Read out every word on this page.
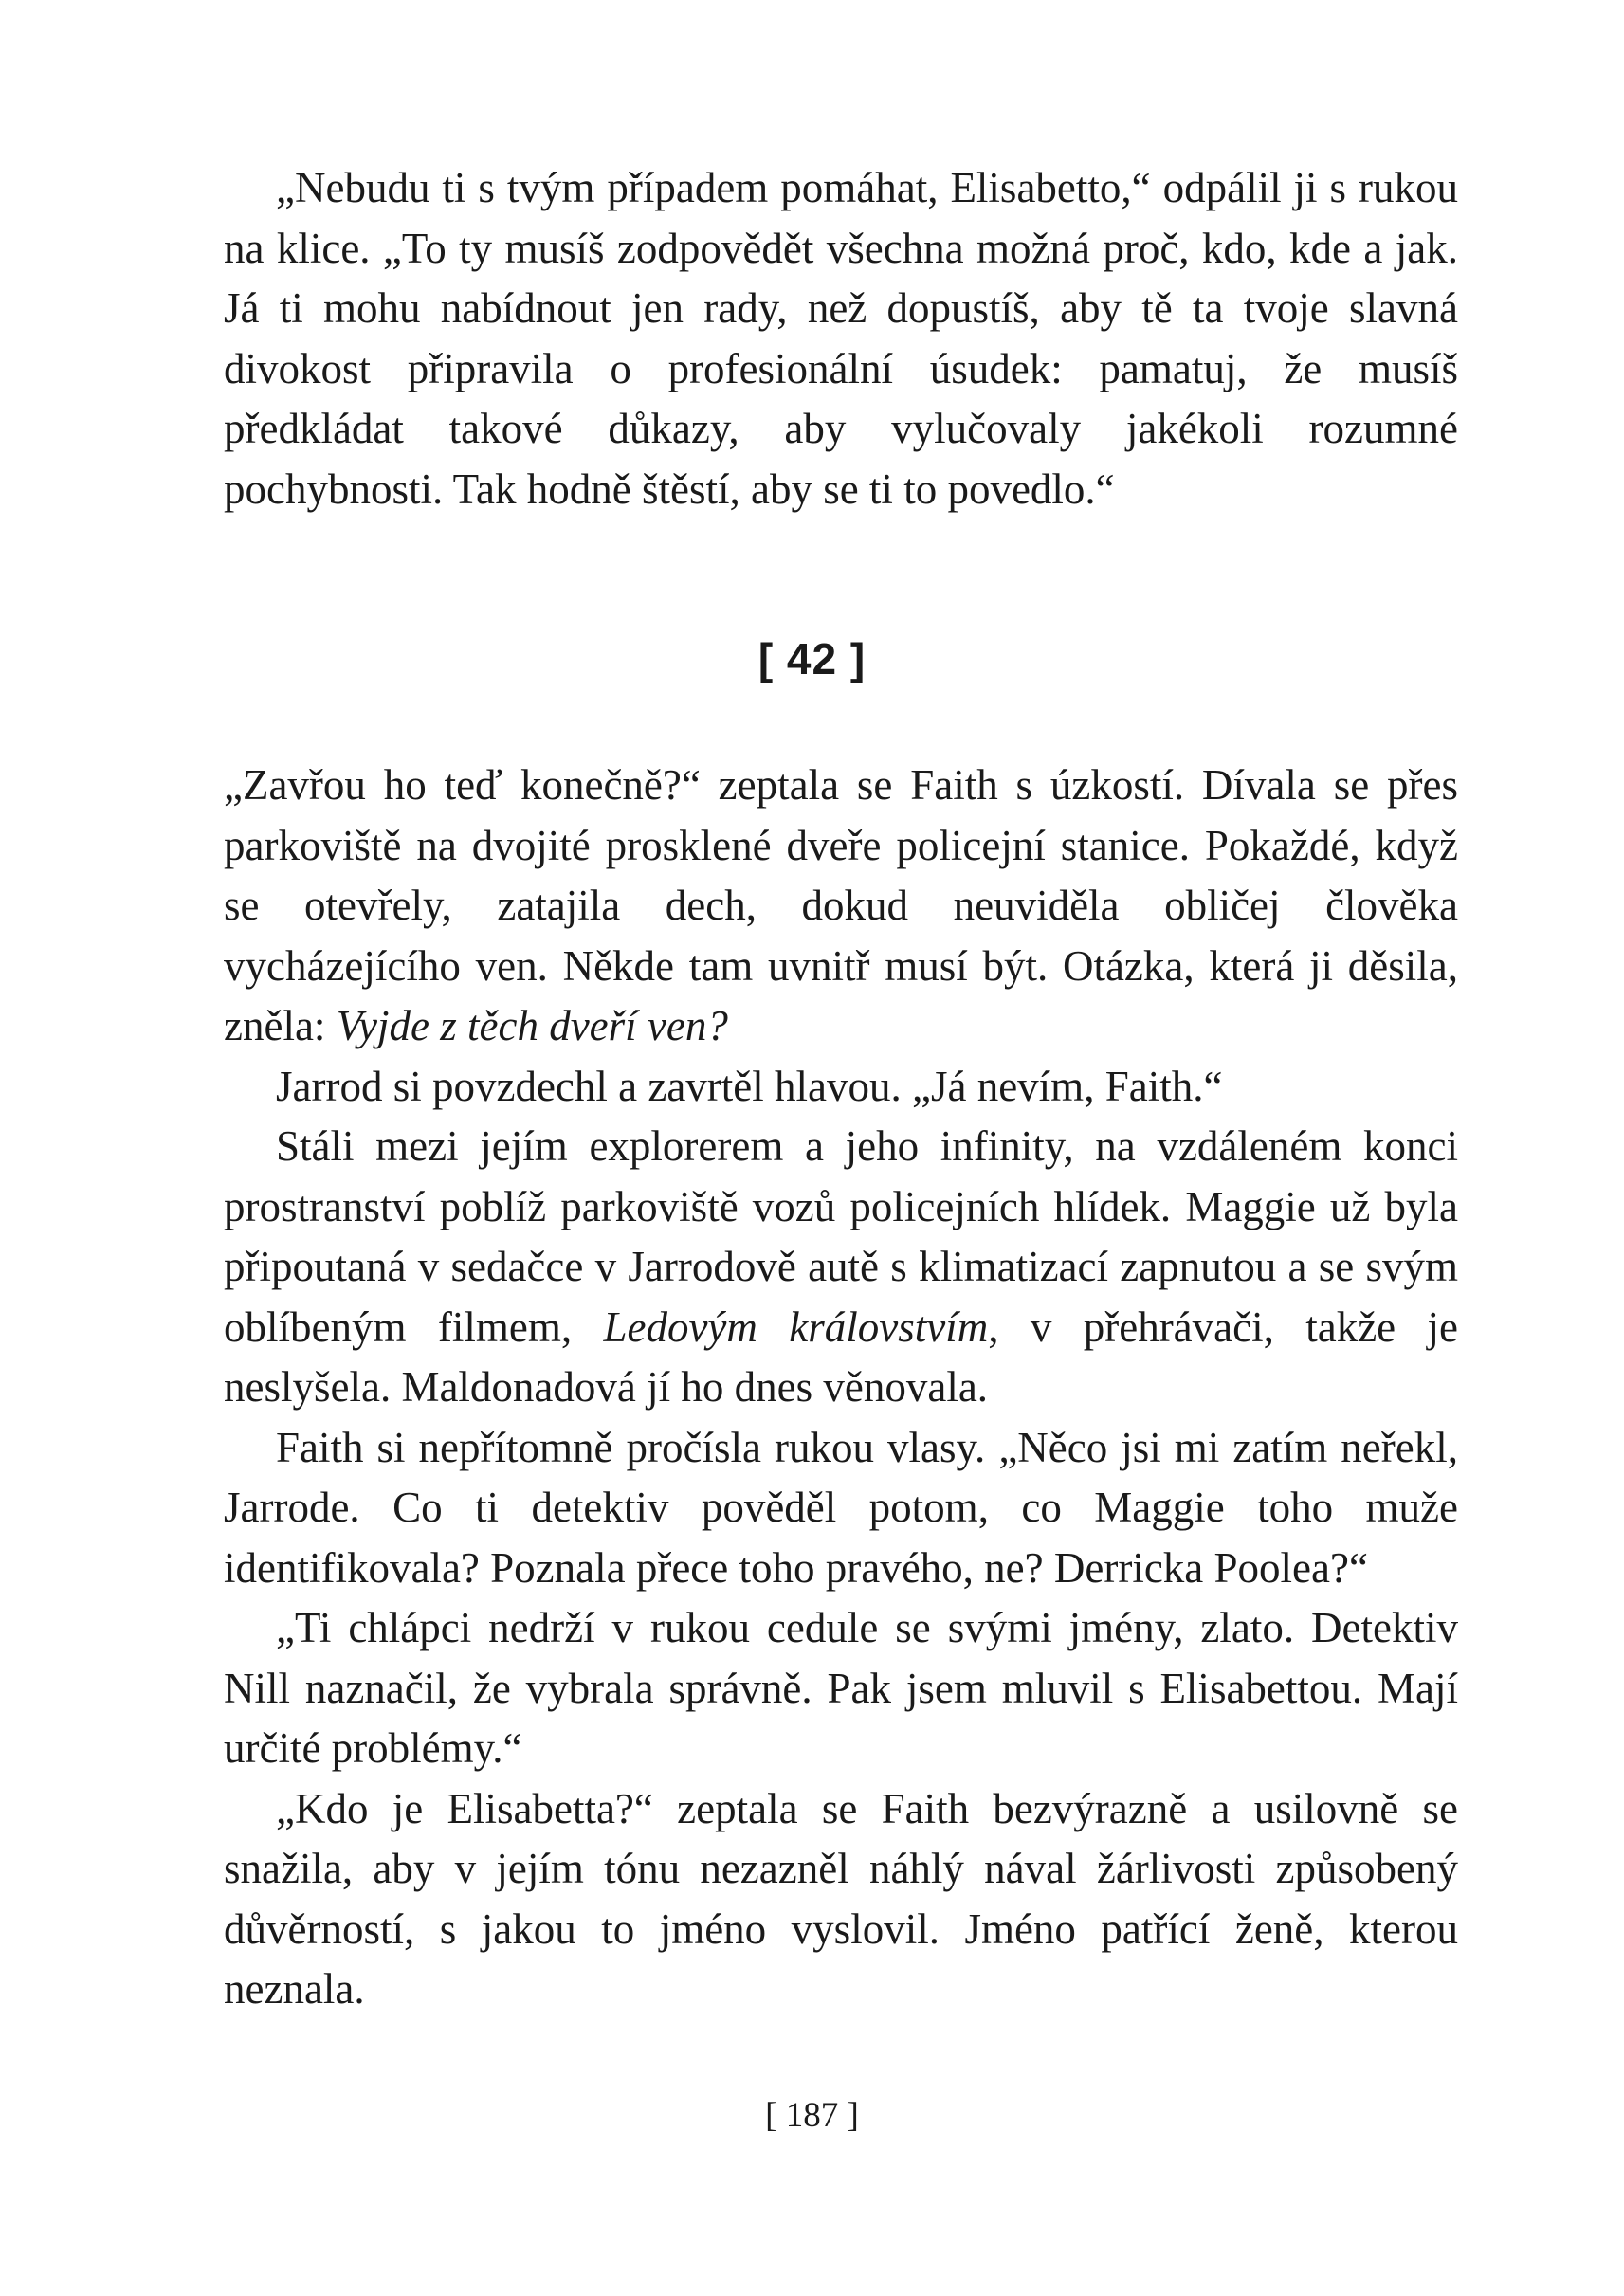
„Nebudu ti s tvým případem pomáhat, Elisabetto,“ odpálil ji s rukou na klice. „To ty musíš zodpovědět všechna možná proč, kdo, kde a jak. Já ti mohu nabídnout jen rady, než dopustíš, aby tě ta tvoje slavná divokost připravila o profesionální úsudek: pamatuj, že musíš předkládat takové důkazy, aby vylučovaly jakékoli rozumné pochybnosti. Tak hodně štěstí, aby se ti to povedlo.“

[ 42 ]

„Zavřou ho teď konečně?“ zeptala se Faith s úzkostí. Dívala se přes parkoviště na dvojité prosklené dveře policejní stanice. Pokaždé, když se otevřely, zatajila dech, dokud neuviděla obličej člověka vycházejícího ven. Někde tam uvnitř musí být. Otázka, která ji děsila, zněla: Vyjde z těch dveří ven?

Jarrod si povzdechl a zavrtěl hlavou. „Já nevím, Faith.“

Stáli mezi jejím explorerem a jeho infinity, na vzdáleném konci prostranství poblíž parkoviště vozů policejních hlídek. Maggie už byla připoutaná v sedačce v Jarrodově autě s klimatizací zapnutou a se svým oblíbeným filmem, Ledovým královstvím, v přehrávači, takže je neslyšela. Maldonadová jí ho dnes věnovala.

Faith si nepřítomně pročísla rukou vlasy. „Něco jsi mi zatím neřekl, Jarrode. Co ti detektiv pověděl potom, co Maggie toho muže identifikovala? Poznala přece toho pravého, ne? Derricka Poolea?“

„Ti chlápci nedrží v rukou cedule se svými jmény, zlato. Detektiv Nill naznačil, že vybrala správně. Pak jsem mluvil s Elisabettou. Mají určité problémy.“

„Kdo je Elisabetta?“ zeptala se Faith bezvýrazně a usilovně se snažila, aby v jejím tónu nezazněl náhlý nával žárlivosti způsobený důvěrností, s jakou to jméno vyslovil. Jméno patřící ženě, kterou neznala.

[ 187 ]
